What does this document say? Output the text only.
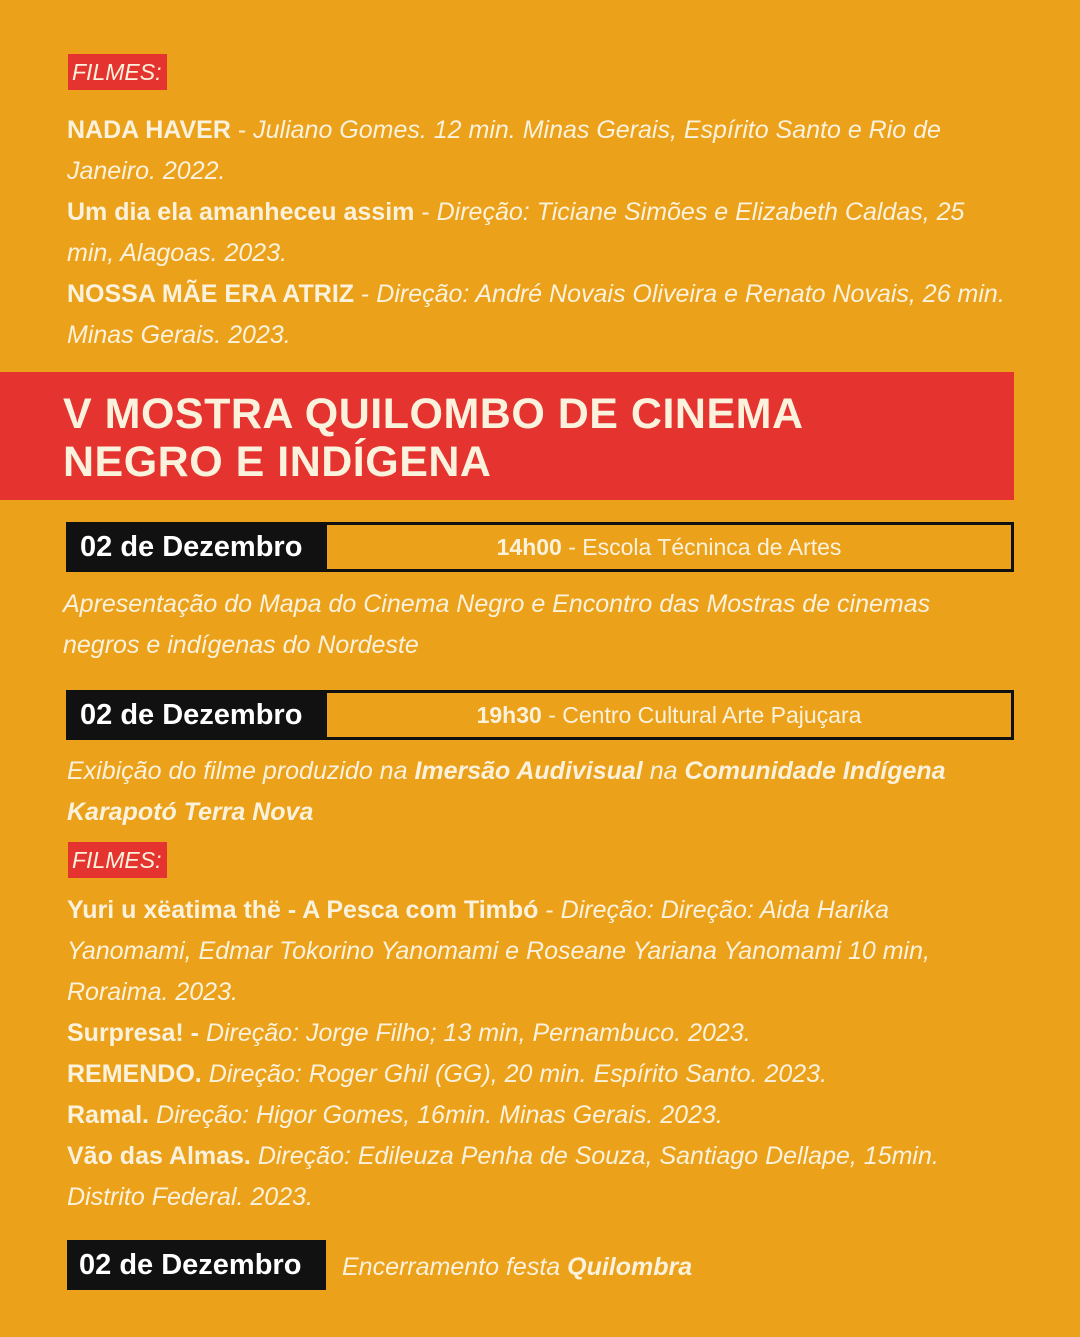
FILMES:
NADA HAVER - Juliano Gomes. 12 min. Minas Gerais, Espírito Santo e Rio de Janeiro. 2022.
Um dia ela amanheceu assim - Direção: Ticiane Simões e Elizabeth Caldas, 25 min, Alagoas. 2023.
NOSSA MÃE ERA ATRIZ - Direção: André Novais Oliveira e Renato Novais, 26 min. Minas Gerais. 2023.
V MOSTRA QUILOMBO DE CINEMA
NEGRO E INDÍGENA
02 de Dezembro	14h00 - Escola Técninca de Artes
Apresentação do Mapa do Cinema Negro e Encontro das Mostras de cinemas negros e indígenas do Nordeste
02 de Dezembro	19h30 - Centro Cultural Arte Pajuçara
Exibição do filme produzido na Imersão Audivisual na Comunidade Indígena Karapotó Terra Nova
FILMES:
Yuri u xëatima thë - A Pesca com Timbó - Direção: Direção: Aida Harika Yanomami, Edmar Tokorino Yanomami e Roseane Yariana Yanomami 10 min, Roraima. 2023.
Surpresa! - Direção: Jorge Filho; 13 min, Pernambuco. 2023.
REMENDO. Direção: Roger Ghil (GG), 20 min. Espírito Santo. 2023.
Ramal. Direção: Higor Gomes, 16min. Minas Gerais. 2023.
Vão das Almas. Direção: Edileuza Penha de Souza, Santiago Dellape, 15min. Distrito Federal. 2023.
02 de Dezembro	Encerramento festa Quilombra
